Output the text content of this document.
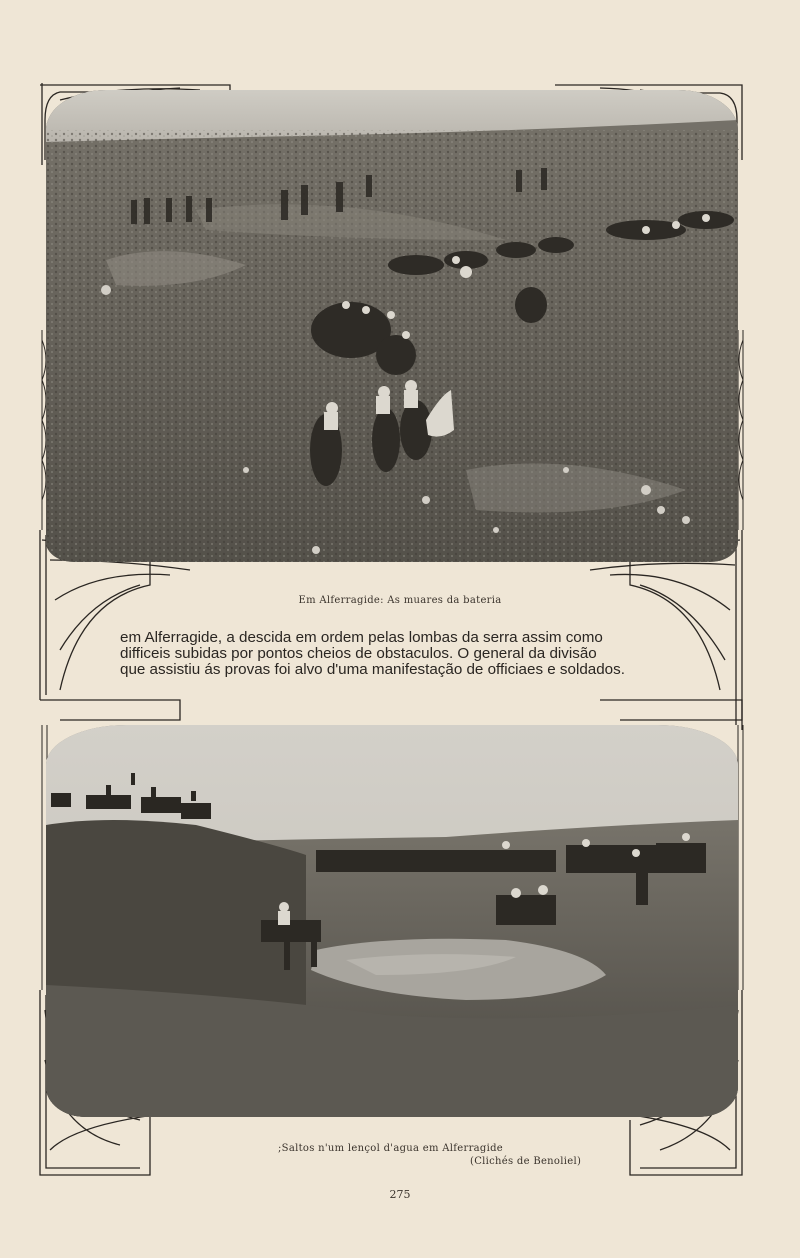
Em Alferragide: As muares da bateria
em Alferragide, a descida em ordem pelas lombas da serra assim como
difficeis subidas por pontos cheios de obstaculos. O general da divisão
que assistiu ás provas foi alvo d'uma manifestação de officiaes e soldados.
;Saltos n'um lençol d'agua em Alferragide
(Clichés de Benoliel)
275
